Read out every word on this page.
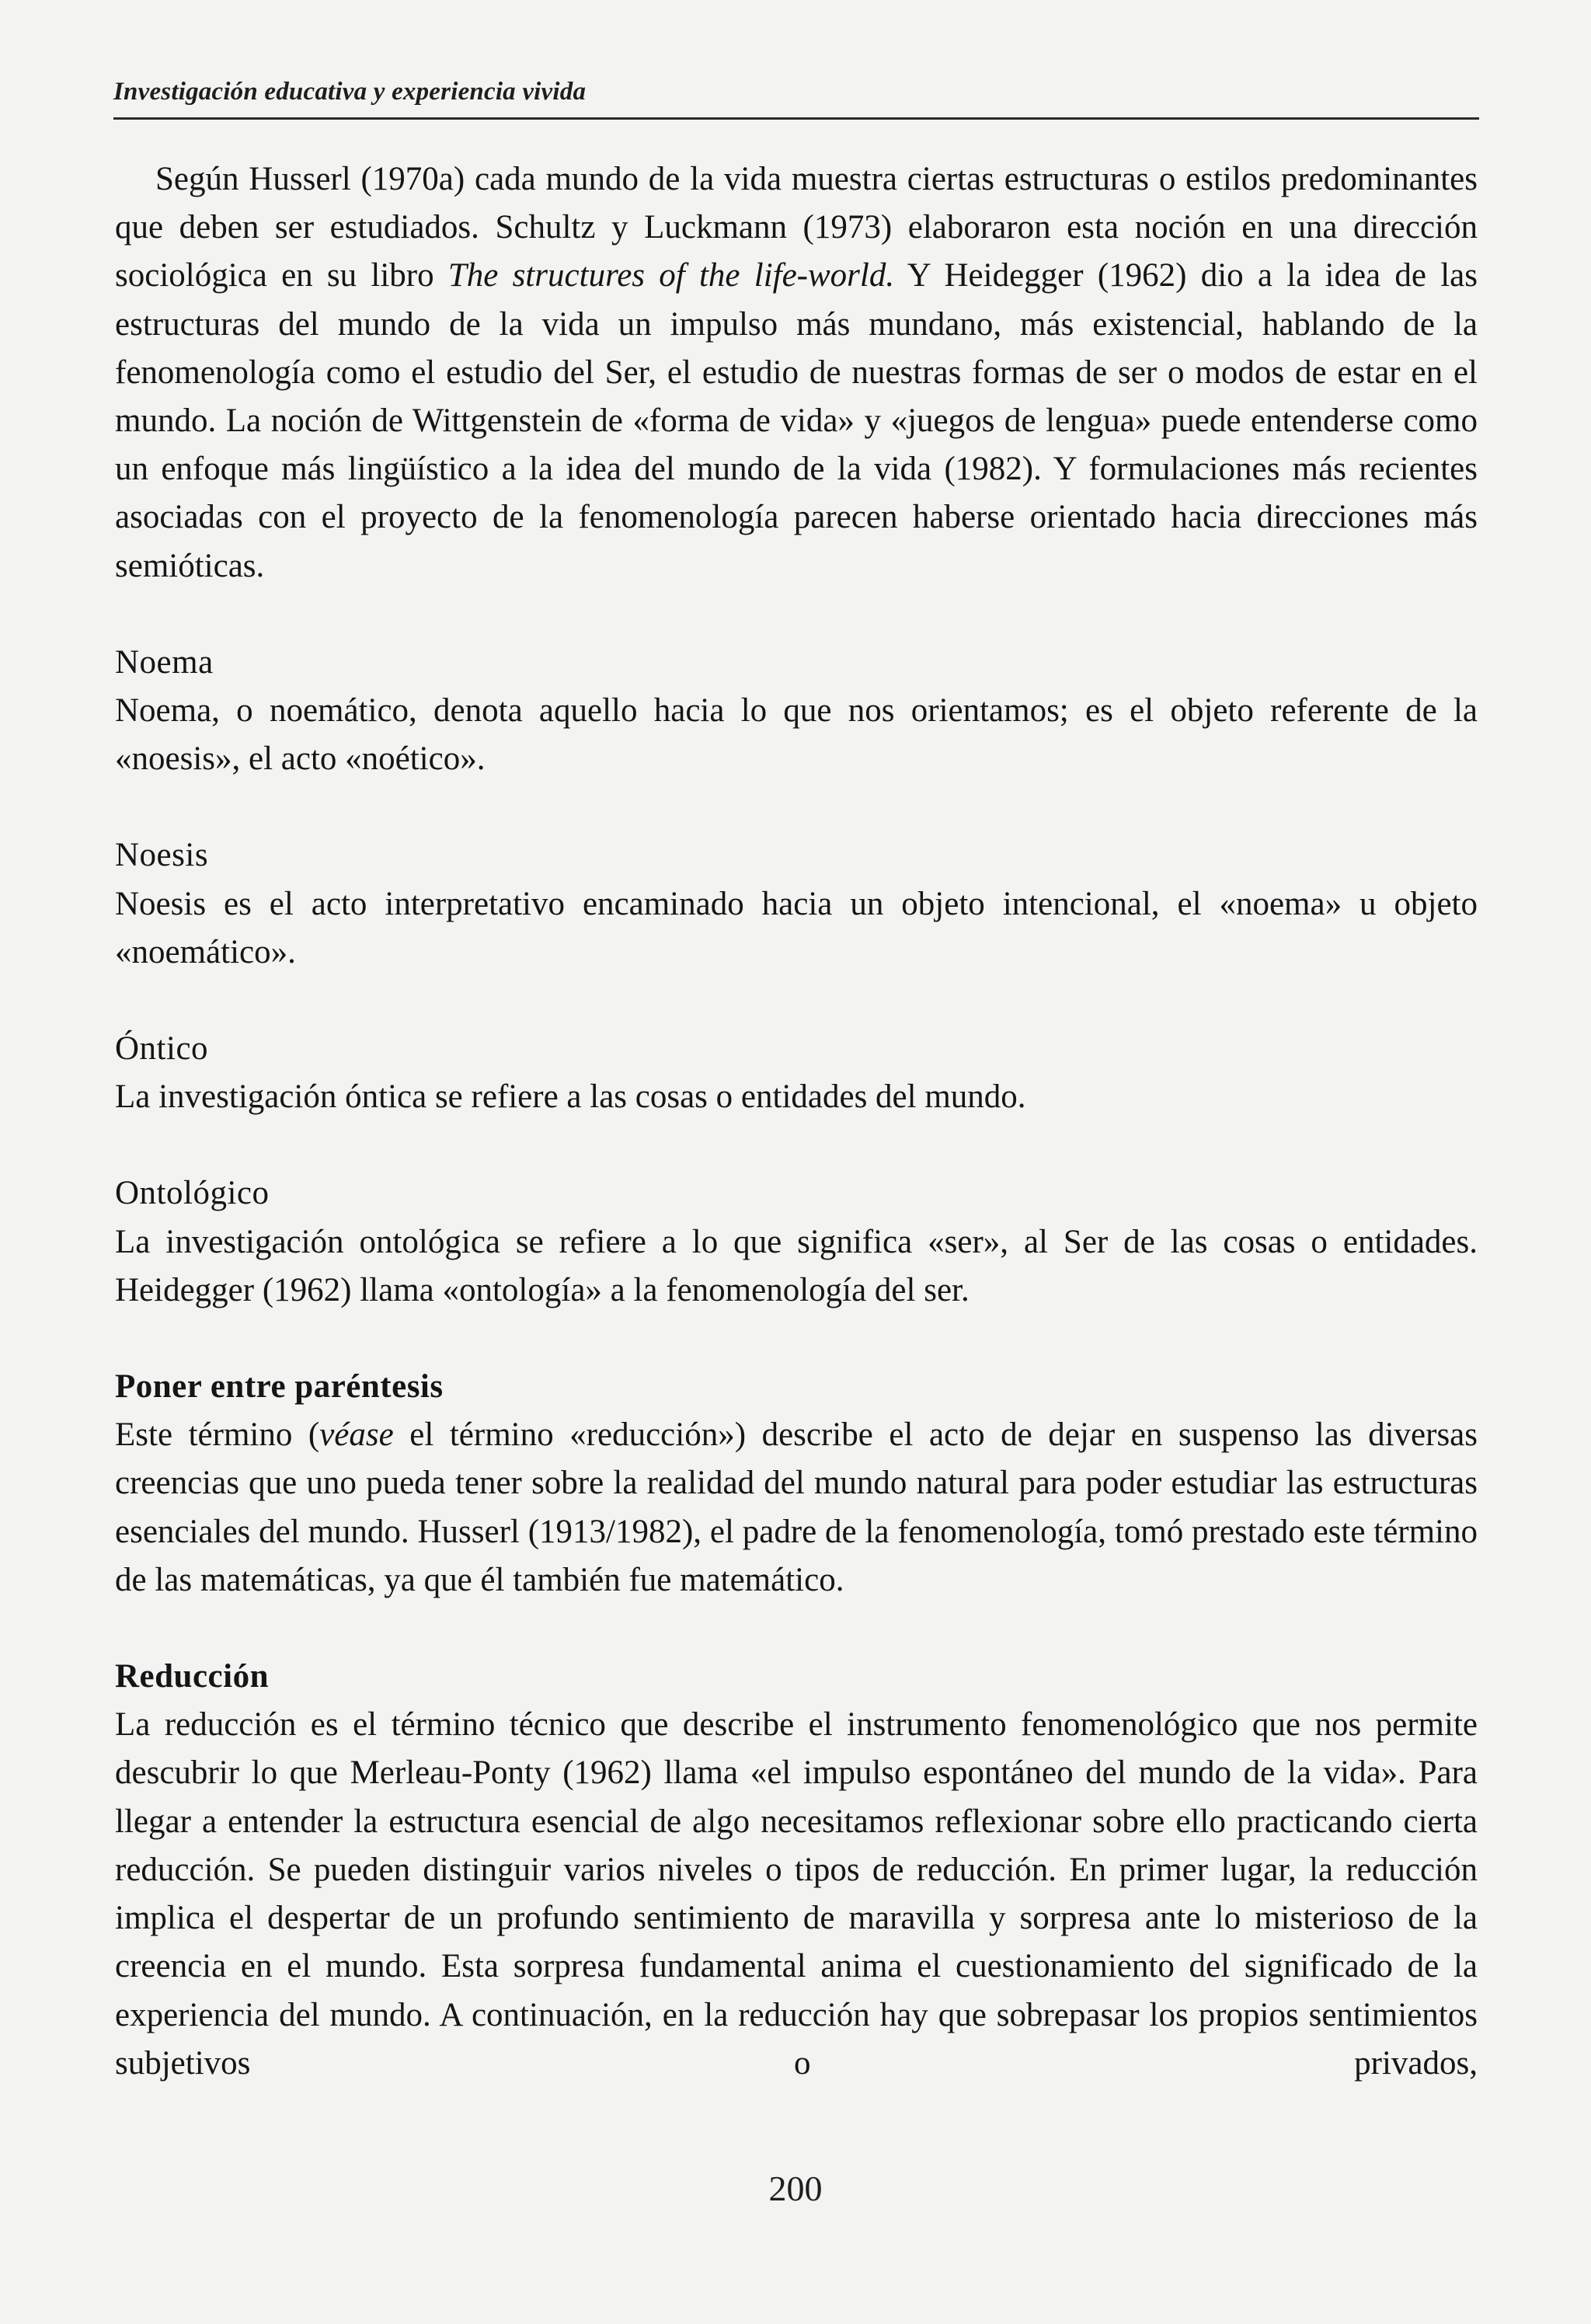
Investigación educativa y experiencia vivida

Según Husserl (1970a) cada mundo de la vida muestra ciertas estructuras o estilos predominantes que deben ser estudiados. Schultz y Luckmann (1973) elaboraron esta noción en una dirección sociológica en su libro The structures of the life-world. Y Heidegger (1962) dio a la idea de las estructuras del mundo de la vida un impulso más mundano, más existencial, hablando de la fenomenología como el estudio del Ser, el estudio de nuestras formas de ser o modos de estar en el mundo. La noción de Wittgenstein de «forma de vida» y «juegos de lengua» puede entenderse como un enfoque más lingüístico a la idea del mundo de la vida (1982). Y formulaciones más recientes asociadas con el proyecto de la fenomenología parecen haberse orientado hacia direcciones más semióticas.

Noema

Noema, o noemático, denota aquello hacia lo que nos orientamos; es el objeto referente de la «noesis», el acto «noético».

Noesis

Noesis es el acto interpretativo encaminado hacia un objeto intencional, el «noema» u objeto «noemático».

Óntico

La investigación óntica se refiere a las cosas o entidades del mundo.

Ontológico

La investigación ontológica se refiere a lo que significa «ser», al Ser de las cosas o entidades. Heidegger (1962) llama «ontología» a la fenomenología del ser.

Poner entre paréntesis

Este término (véase el término «reducción») describe el acto de dejar en suspenso las diversas creencias que uno pueda tener sobre la realidad del mundo natural para poder estudiar las estructuras esenciales del mundo. Husserl (1913/1982), el padre de la fenomenología, tomó prestado este término de las matemáticas, ya que él también fue matemático.

Reducción

La reducción es el término técnico que describe el instrumento fenomenológico que nos permite descubrir lo que Merleau-Ponty (1962) llama «el impulso espontáneo del mundo de la vida». Para llegar a entender la estructura esencial de algo necesitamos reflexionar sobre ello practicando cierta reducción. Se pueden distinguir varios niveles o tipos de reducción. En primer lugar, la reducción implica el despertar de un profundo sentimiento de maravilla y sorpresa ante lo misterioso de la creencia en el mundo. Esta sorpresa fundamental anima el cuestionamiento del significado de la experiencia del mundo. A continuación, en la reducción hay que sobrepasar los propios sentimientos subjetivos o privados,

200
